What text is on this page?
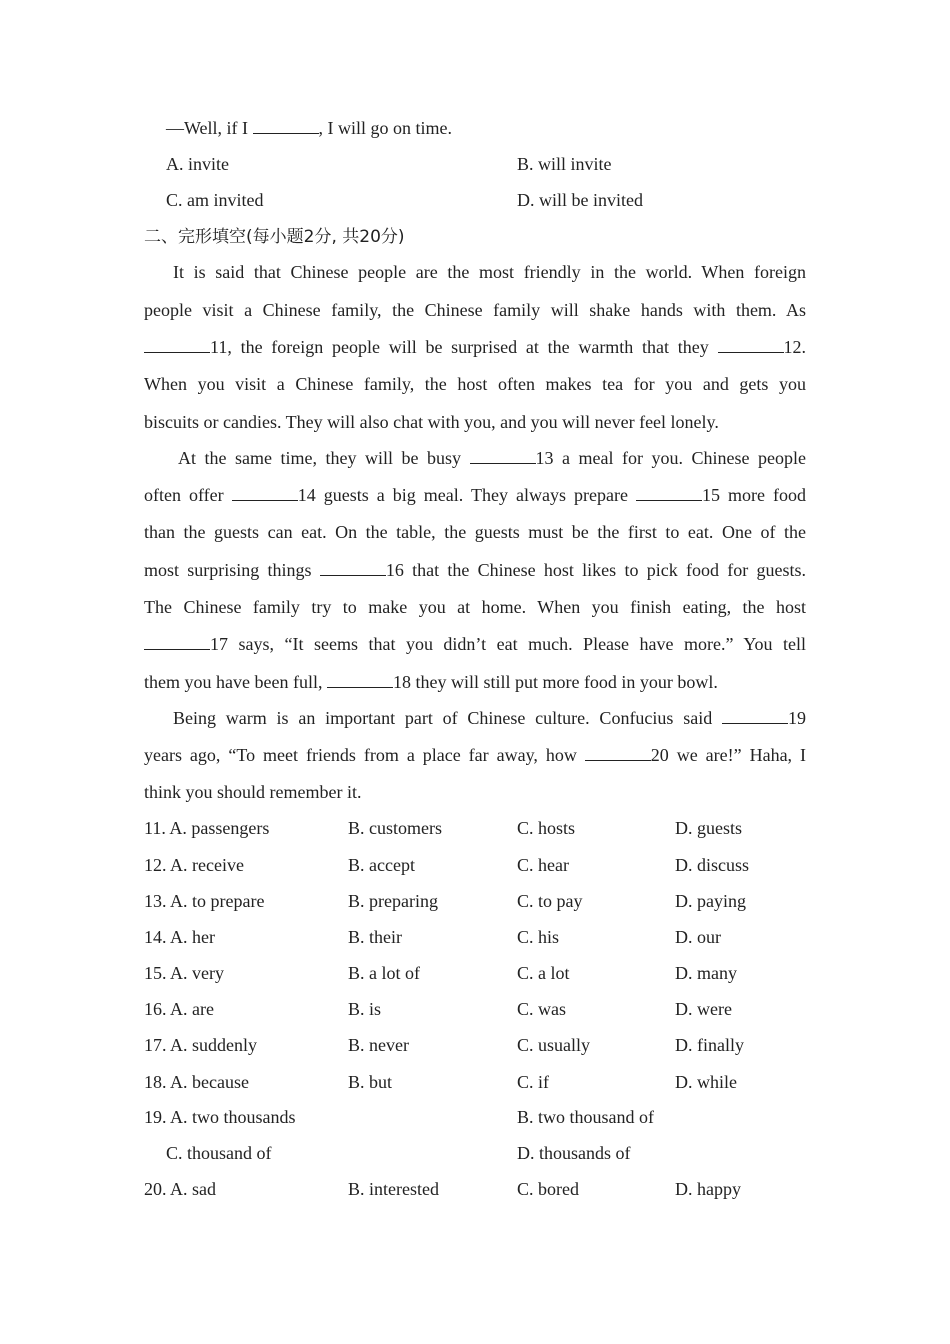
—Well, if I	, I will go on time.
A. invite	B. will invite
C. am invited	D. will be invited
二、完形填空(每小题2分, 共20分)
It is said that Chinese people are the most friendly in the world. When foreign
people visit a Chinese family, the Chinese family will shake hands with them. As
11, the foreign people will be surprised at the warmth that they	12.
When you visit a Chinese family, the host often makes tea for you and gets you
biscuits or candies. They will also chat with you, and you will never feel lonely.
At the same time, they will be busy	13 a meal for you. Chinese people
often offer	14 guests a big meal. They always prepare	15 more food
than the guests can eat. On the table, the guests must be the first to eat. One of the
most surprising things	16 that the Chinese host likes to pick food for guests.
The Chinese family try to make you at home. When you finish eating, the host
17 says, “It seems that you didn’t eat much. Please have more.” You tell
them you have been full,	18 they will still put more food in your bowl.
Being warm is an important part of Chinese culture. Confucius said	19
years ago, “To meet friends from a place far away, how	20 we are!” Haha, I
think you should remember it.
11. A. passengers	B. customers	C. hosts	D. guests
12. A. receive	B. accept	C. hear	D. discuss
13. A. to prepare	B. preparing	C. to pay	D. paying
14. A. her	B. their	C. his	D. our
15. A. very	B. a lot of	C. a lot	D. many
16. A. are	B. is	C. was	D. were
17. A. suddenly	B. never	C. usually	D. finally
18. A. because	B. but	C. if	D. while
19. A. two thousands	B. two thousand of
C. thousand of	D. thousands of
20. A. sad	B. interested	C. bored	D. happy
